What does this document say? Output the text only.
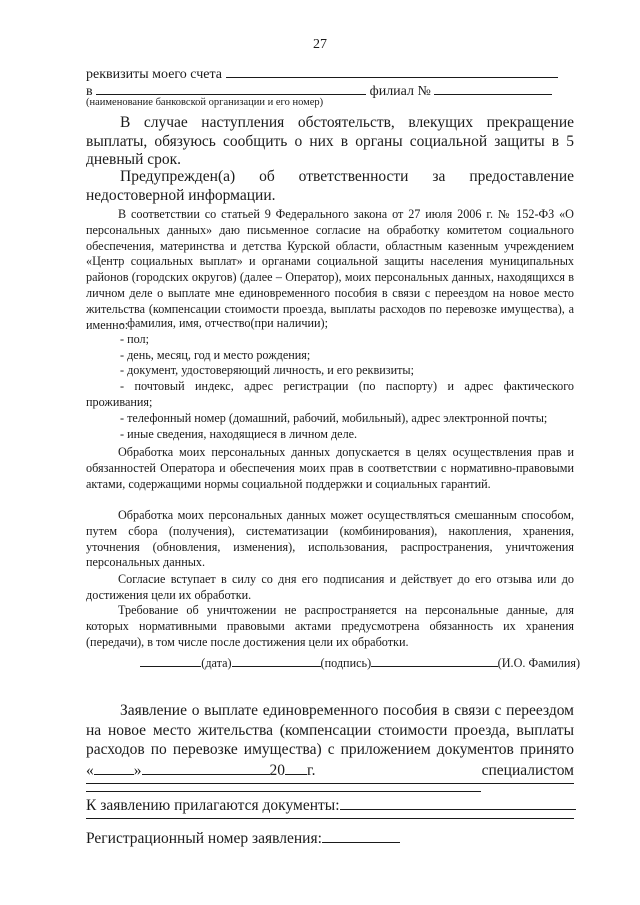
27
реквизиты моего счета
в	филиал №
(наименование банковской организации и его номер)
В случае наступления обстоятельств, влекущих прекращение выплаты, обязуюсь сообщить о них в органы социальной защиты в 5 дневный срок.
Предупрежден(а) об ответственности за предоставление недостоверной информации.
В соответствии со статьей 9 Федерального закона от 27 июля 2006 г. № 152-ФЗ «О персональных данных» даю письменное согласие на обработку комитетом социального обеспечения, материнства и детства Курской области, областным казенным учреждением «Центр социальных выплат» и органами социальной защиты населения муниципальных районов (городских округов) (далее – Оператор), моих персональных данных, находящихся в личном деле о выплате мне единовременного пособия в связи с переездом на новое место жительства (компенсации стоимости проезда, выплаты расходов по перевозке имущества), а именно:
- фамилия, имя, отчество(при наличии);
- пол;
- день, месяц, год и место рождения;
- документ, удостоверяющий личность, и его реквизиты;
- почтовый индекс, адрес регистрации (по паспорту) и адрес фактического проживания;
- телефонный номер (домашний, рабочий, мобильный), адрес электронной почты;
- иные сведения, находящиеся в личном деле.
Обработка моих персональных данных допускается в целях осуществления прав и обязанностей Оператора и обеспечения моих прав в соответствии с нормативно-правовыми актами, содержащими нормы социальной поддержки и социальных гарантий.
Обработка моих персональных данных может осуществляться смешанным способом, путем сбора (получения), систематизации (комбинирования), накопления, хранения, уточнения (обновления, изменения), использования, распространения, уничтожения персональных данных.
Согласие вступает в силу со дня его подписания и действует до его отзыва или до достижения цели их обработки.
Требование об уничтожении не распространяется на персональные данные, для которых нормативными правовыми актами предусмотрена обязанность их хранения (передачи), в том числе после достижения цели их обработки.
(дата)	(подпись)	(И.О. Фамилия)
Заявление о выплате единовременного пособия в связи с переездом на новое место жительства (компенсации стоимости проезда, выплаты расходов по перевозке имущества) с приложением документов принято
«	»	20 г.	специалистом
К заявлению прилагаются документы:
Регистрационный номер заявления:
